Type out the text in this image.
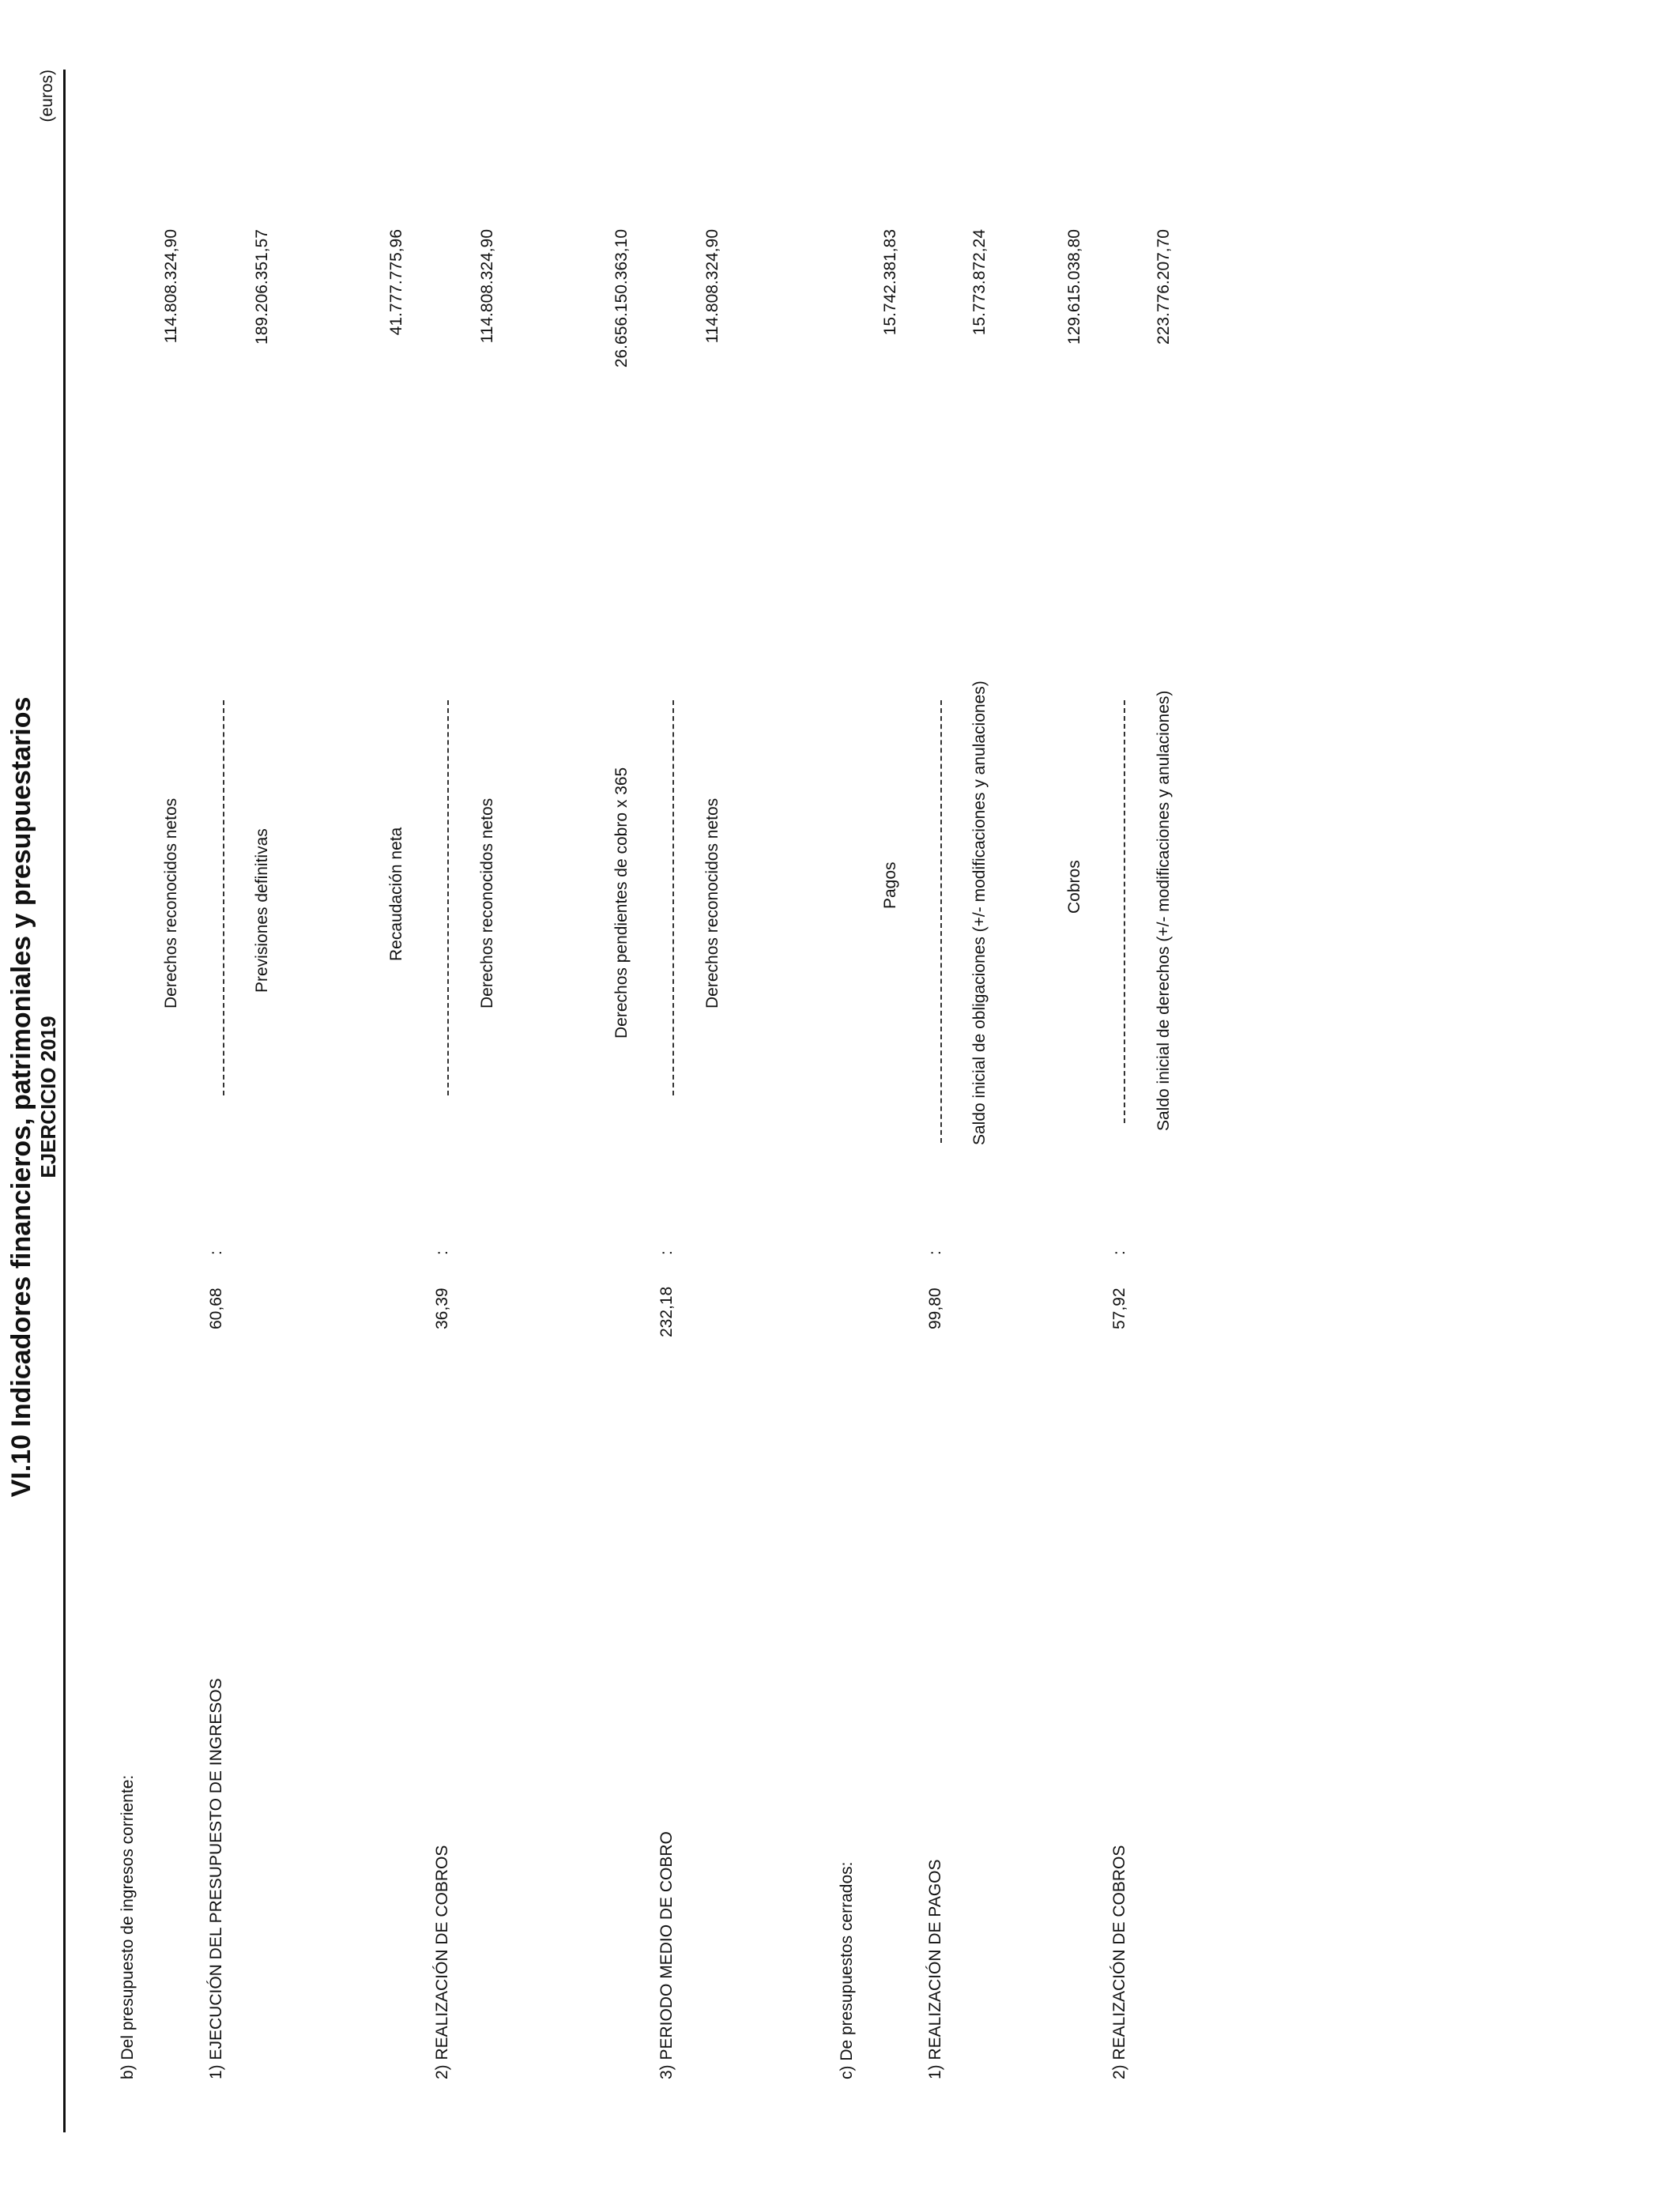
VI.10 Indicadores financieros, patrimoniales y presupuestarios EJERCICIO 2019
(euros)
b) Del presupuesto de ingresos corriente:	1) EJECUCIÓN DEL PRESUPUESTO DE INGRESOS
60,68
:
Derechos reconocidos netos	Previsiones definitivas
114.808.324,90	189.206.351,57
2) REALIZACIÓN DE COBROS
36,39
:
Recaudación neta	Derechos reconocidos netos
41.777.775,96	114.808.324,90
3) PERIODO MEDIO DE COBRO
232,18
:
Derechos pendientes de cobro x 365	Derechos reconocidos netos
26.656.150.363,10	114.808.324,90
c) De presupuestos cerrados:	1) REALIZACIÓN DE PAGOS
99,80
:
Pagos	Saldo inicial de obligaciones (+/- modificaciones y anulaciones)
15.742.381,83	15.773.872,24
2) REALIZACIÓN DE COBROS
57,92
:
Cobros	Saldo inicial de derechos (+/- modificaciones y anulaciones)
129.615.038,80	223.776.207,70
